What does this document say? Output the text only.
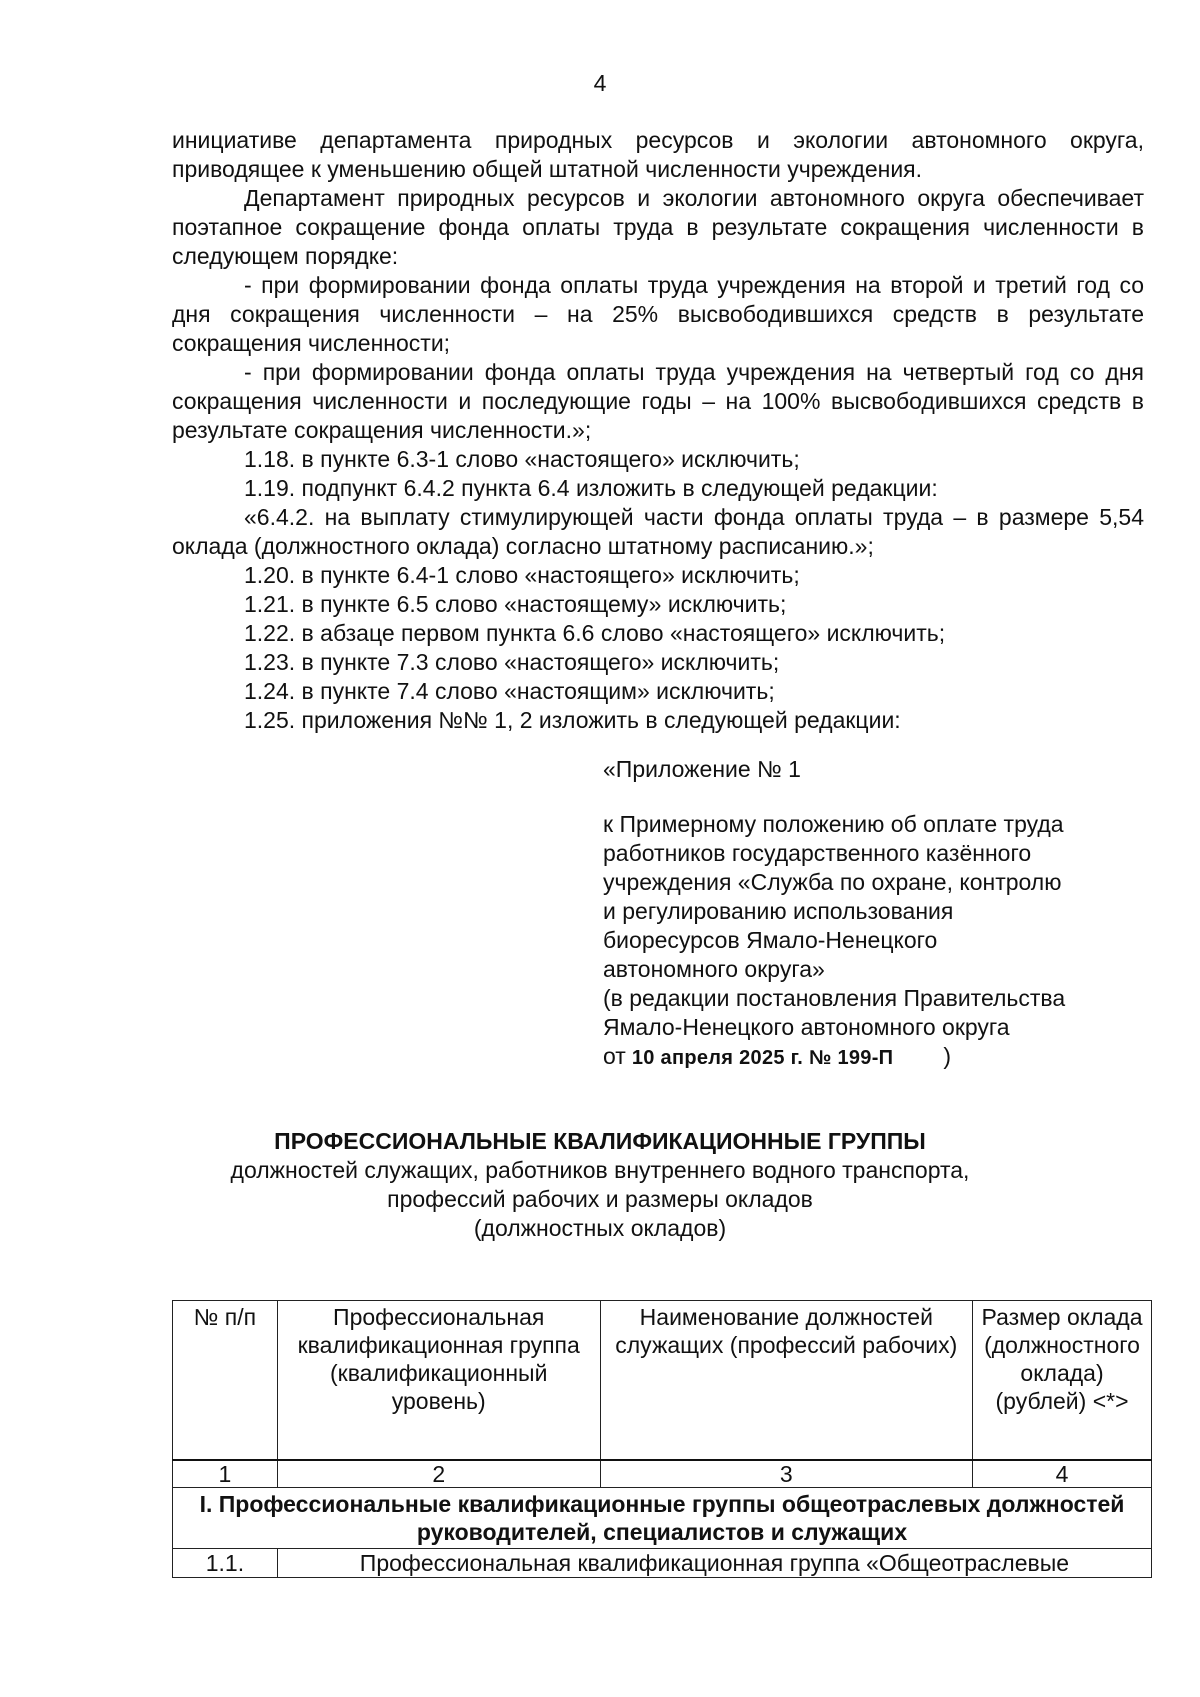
4

инициативе департамента природных ресурсов и экологии автономного округа, приводящее к уменьшению общей штатной численности учреждения.

Департамент природных ресурсов и экологии автономного округа обеспечивает поэтапное сокращение фонда оплаты труда в результате сокращения численности в следующем порядке:

- при формировании фонда оплаты труда учреждения на второй и третий год со дня сокращения численности – на 25% высвободившихся средств в результате сокращения численности;

- при формировании фонда оплаты труда учреждения на четвертый год со дня сокращения численности и последующие годы – на 100% высвободившихся средств в результате сокращения численности.»;

1.18. в пункте 6.3-1 слово «настоящего» исключить;

1.19. подпункт 6.4.2 пункта 6.4 изложить в следующей редакции:

«6.4.2. на выплату стимулирующей части фонда оплаты труда – в размере 5,54 оклада (должностного оклада) согласно штатному расписанию.»;

1.20. в пункте 6.4-1 слово «настоящего» исключить;

1.21. в пункте 6.5 слово «настоящему» исключить;

1.22. в абзаце первом пункта 6.6 слово «настоящего» исключить;

1.23. в пункте 7.3 слово «настоящего» исключить;

1.24. в пункте 7.4 слово «настоящим» исключить;

1.25. приложения №№ 1, 2 изложить в следующей редакции:

«Приложение № 1

к Примерному положению об оплате труда

работников государственного казённого

учреждения «Служба по охране, контролю

и регулированию использования

биоресурсов Ямало-Ненецкого

автономного округа»

(в редакции постановления Правительства

Ямало-Ненецкого автономного округа

от 10 апреля 2025 г. № 199-П )

ПРОФЕССИОНАЛЬНЫЕ КВАЛИФИКАЦИОННЫЕ ГРУППЫ

должностей служащих, работников внутреннего водного транспорта,

профессий рабочих и размеры окладов

(должностных окладов)

№ п/п	Профессиональная квалификационная группа (квалификационный уровень)	Наименование должностей служащих (профессий рабочих)	Размер оклада (должностного оклада) (рублей) <*>
1	2	3	4
I. Профессиональные квалификационные группы общеотраслевых должностей руководителей, специалистов и служащих			
1.1.	Профессиональная квалификационная группа «Общеотраслевые		
